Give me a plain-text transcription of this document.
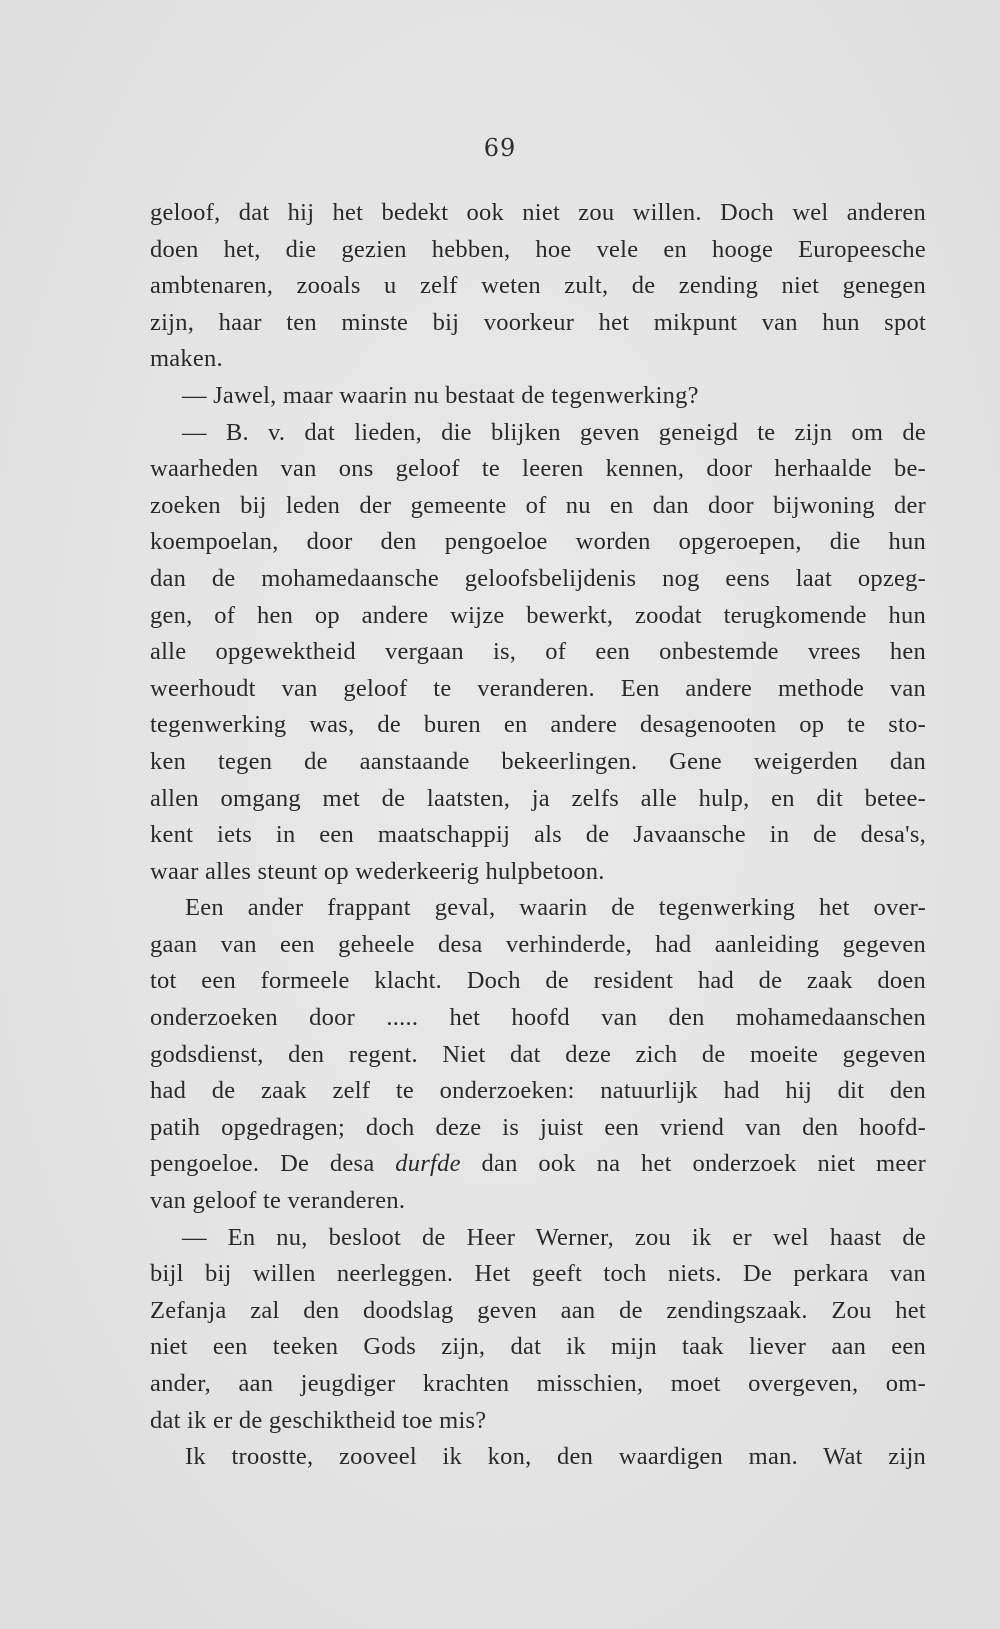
69
geloof, dat hij het bedekt ook niet zou willen. Doch wel anderen
doen het, die gezien hebben, hoe vele en hooge Europeesche
ambtenaren, zooals u zelf weten zult, de zending niet genegen
zijn, haar ten minste bij voorkeur het mikpunt van hun spot
maken.
— Jawel, maar waarin nu bestaat de tegenwerking?
— B. v. dat lieden, die blijken geven geneigd te zijn om de
waarheden van ons geloof te leeren kennen, door herhaalde be-
zoeken bij leden der gemeente of nu en dan door bijwoning der
koempoelan, door den pengoeloe worden opgeroepen, die hun
dan de mohamedaansche geloofsbelijdenis nog eens laat opzeg-
gen, of hen op andere wijze bewerkt, zoodat terugkomende hun
alle opgewektheid vergaan is, of een onbestemde vrees hen
weerhoudt van geloof te veranderen. Een andere methode van
tegenwerking was, de buren en andere desagenooten op te sto-
ken tegen de aanstaande bekeerlingen. Gene weigerden dan
allen omgang met de laatsten, ja zelfs alle hulp, en dit betee-
kent iets in een maatschappij als de Javaansche in de desa's,
waar alles steunt op wederkeerig hulpbetoon.
Een ander frappant geval, waarin de tegenwerking het over-
gaan van een geheele desa verhinderde, had aanleiding gegeven
tot een formeele klacht. Doch de resident had de zaak doen
onderzoeken door ..... het hoofd van den mohamedaanschen
godsdienst, den regent. Niet dat deze zich de moeite gegeven
had de zaak zelf te onderzoeken: natuurlijk had hij dit den
patih opgedragen; doch deze is juist een vriend van den hoofd-
pengoeloe. De desa durfde dan ook na het onderzoek niet meer
van geloof te veranderen.
— En nu, besloot de Heer Werner, zou ik er wel haast de
bijl bij willen neerleggen. Het geeft toch niets. De perkara van
Zefanja zal den doodslag geven aan de zendingszaak. Zou het
niet een teeken Gods zijn, dat ik mijn taak liever aan een
ander, aan jeugdiger krachten misschien, moet overgeven, om-
dat ik er de geschiktheid toe mis?
Ik troostte, zooveel ik kon, den waardigen man. Wat zijn
